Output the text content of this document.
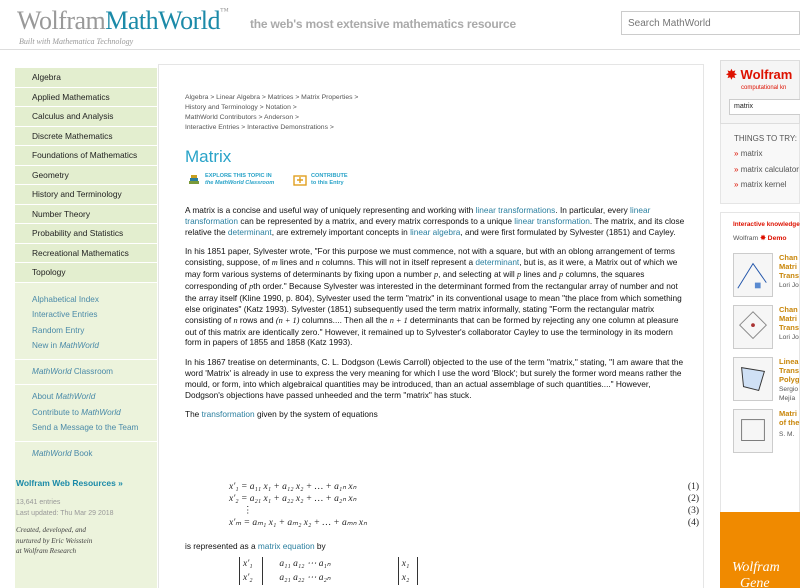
WolframMathWorld™
Built with Mathematica Technology
the web's most extensive mathematics resource
Search MathWorld
Algebra
Applied Mathematics
Calculus and Analysis
Discrete Mathematics
Foundations of Mathematics
Geometry
History and Terminology
Number Theory
Probability and Statistics
Recreational Mathematics
Topology
Alphabetical Index
Interactive Entries
Random Entry
New in MathWorld
MathWorld Classroom
About MathWorld
Contribute to MathWorld
Send a Message to the Team
MathWorld Book
Wolfram Web Resources »
13,641 entries
Last updated: Thu Mar 29 2018
Created, developed, and
nurtured by Eric Weisstein
at Wolfram Research
Algebra > Linear Algebra > Matrices > Matrix Properties >
History and Terminology > Notation >
MathWorld Contributors > Anderson >
Interactive Entries > Interactive Demonstrations >
Matrix
EXPLORE THIS TOPIC IN
the MathWorld Classroom
CONTRIBUTE
to this Entry

A matrix is a concise and useful way of uniquely representing and working with linear transformations. In particular, every linear transformation can be represented by a matrix, and every matrix corresponds to a unique linear transformation. The matrix, and its close relative the determinant, are extremely important concepts in linear algebra, and were first formulated by Sylvester (1851) and Cayley.

In his 1851 paper, Sylvester wrote, "For this purpose we must commence, not with a square, but with an oblong arrangement of terms consisting, suppose, of m lines and n columns. This will not in itself represent a determinant, but is, as it were, a Matrix out of which we may form various systems of determinants by fixing upon a number p, and selecting at will p lines and p columns, the squares corresponding of pth order." Because Sylvester was interested in the determinant formed from the rectangular array of number and not the array itself (Kline 1990, p. 804), Sylvester used the term "matrix" in its conventional usage to mean "the place from which something else originates" (Katz 1993). Sylvester (1851) subsequently used the term matrix informally, stating "Form the rectangular matrix consisting of n rows and (n + 1) columns.... Then all the n + 1 determinants that can be formed by rejecting any one column at pleasure out of this matrix are identically zero." However, it remained up to Sylvester's collaborator Cayley to use the terminology in its modern form in papers of 1855 and 1858 (Katz 1993).

In his 1867 treatise on determinants, C. L. Dodgson (Lewis Carroll) objected to the use of the term "matrix," stating, "I am aware that the word 'Matrix' is already in use to express the very meaning for which I use the word 'Block'; but surely the former word means rather the mould, or form, into which algebraical quantities may be introduced, than an actual assemblage of such quantities...." However, Dodgson's objections have passed unheeded and the term "matrix" has stuck.

The transformation given by the system of equations

x′₁ = a₁₁ x₁ + a₁₂ x₂ + … + a₁ₙ xₙ	(1)
x′₂ = a₂₁ x₁ + a₂₂ x₂ + … + a₂ₙ xₙ	(2)
⋮	(3)
x′ₘ = aₘ₁ x₁ + aₘ₂ x₂ + … + aₘₙ xₙ	(4)
is represented as a matrix equation by
x′₁	a₁₁ a₁₂ ⋯ a₁ₙ	x₁
x′₂	a₂₁ a₂₂ ⋯ a₂ₙ	x₂
✸ Wolfram
computational kn
matrix
THINGS TO TRY:
» matrix
» matrix calculator
» matrix kernel
Interactive knowledge
Wolfram ✸ Demo
Chan
Matri
Trans
Lori Jo
Chan
Matri
Trans
Lori Jo
Linea
Trans
Polyg
Sergio
Mejía
Matri
of the
S. M.
Wolfram
Gene
